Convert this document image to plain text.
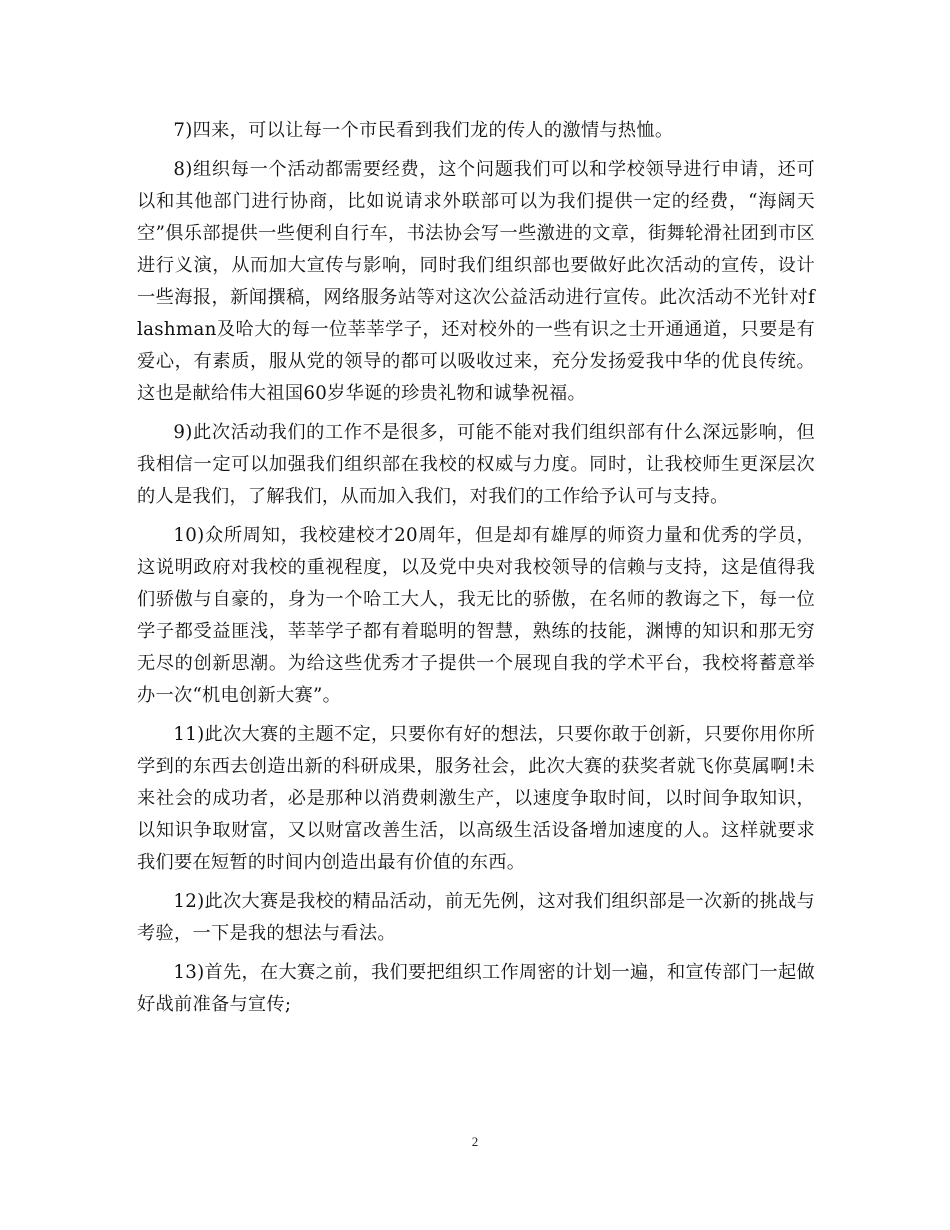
7)四来，可以让每一个市民看到我们龙的传人的激情与热恤。

8)组织每一个活动都需要经费，这个问题我们可以和学校领导进行申请，还可以和其他部门进行协商，比如说请求外联部可以为我们提供一定的经费，“海阔天空”俱乐部提供一些便利自行车，书法协会写一些激进的文章，街舞轮滑社团到市区进行义演，从而加大宣传与影响，同时我们组织部也要做好此次活动的宣传，设计一些海报，新闻撰稿，网络服务站等对这次公益活动进行宣传。此次活动不光针对flashman及哈大的每一位莘莘学子，还对校外的一些有识之士开通通道，只要是有爱心，有素质，服从党的领导的都可以吸收过来，充分发扬爱我中华的优良传统。这也是献给伟大祖国60岁华诞的珍贵礼物和诚挚祝福。

9)此次活动我们的工作不是很多，可能不能对我们组织部有什么深远影响，但我相信一定可以加强我们组织部在我校的权威与力度。同时，让我校师生更深层次的人是我们，了解我们，从而加入我们，对我们的工作给予认可与支持。

10)众所周知，我校建校才20周年，但是却有雄厚的师资力量和优秀的学员，这说明政府对我校的重视程度，以及党中央对我校领导的信赖与支持，这是值得我们骄傲与自豪的，身为一个哈工大人，我无比的骄傲，在名师的教诲之下，每一位学子都受益匪浅，莘莘学子都有着聪明的智慧，熟练的技能，渊博的知识和那无穷无尽的创新思潮。为给这些优秀才子提供一个展现自我的学术平台，我校将蓄意举办一次“机电创新大赛”。

11)此次大赛的主题不定，只要你有好的想法，只要你敢于创新，只要你用你所学到的东西去创造出新的科研成果，服务社会，此次大赛的获奖者就飞你莫属啊!未来社会的成功者，必是那种以消费刺激生产，以速度争取时间，以时间争取知识，以知识争取财富，又以财富改善生活，以高级生活设备增加速度的人。这样就要求我们要在短暂的时间内创造出最有价值的东西。

12)此次大赛是我校的精品活动，前无先例，这对我们组织部是一次新的挑战与考验，一下是我的想法与看法。

13)首先，在大赛之前，我们要把组织工作周密的计划一遍，和宣传部门一起做好战前准备与宣传;

2
